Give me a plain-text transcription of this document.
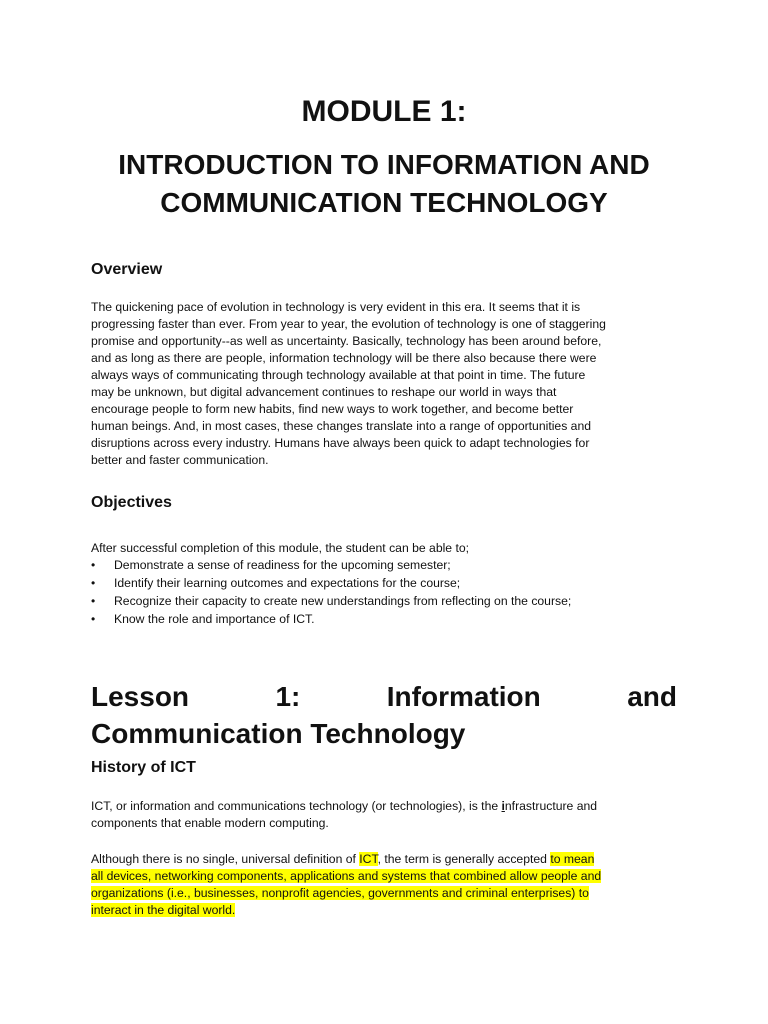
MODULE 1:
INTRODUCTION TO INFORMATION AND
COMMUNICATION TECHNOLOGY
Overview
The quickening pace of evolution in technology is very evident in this era. It seems that it is
progressing faster than ever. From year to year, the evolution of technology is one of staggering
promise and opportunity--as well as uncertainty. Basically, technology has been around before,
and as long as there are people, information technology will be there also because there were
always ways of communicating through technology available at that point in time. The future
may be unknown, but digital advancement continues to reshape our world in ways that
encourage people to form new habits, find new ways to work together, and become better
human beings. And, in most cases, these changes translate into a range of opportunities and
disruptions across every industry. Humans have always been quick to adapt technologies for
better and faster communication.
Objectives

After successful completion of this module, the student can be able to;

• Demonstrate a sense of readiness for the upcoming semester;
• Identify their learning outcomes and expectations for the course;
• Recognize their capacity to create new understandings from reflecting on the course;
• Know the role and importance of ICT.
Lesson	1:	Information	and
Communication Technology
History of ICT
ICT, or information and communications technology (or technologies), is the infrastructure and
components that enable modern computing.
Although there is no single, universal definition of ICT, the term is generally accepted to mean
all devices, networking components, applications and systems that combined allow people and
organizations (i.e., businesses, nonprofit agencies, governments and criminal enterprises) to
interact in the digital world.
